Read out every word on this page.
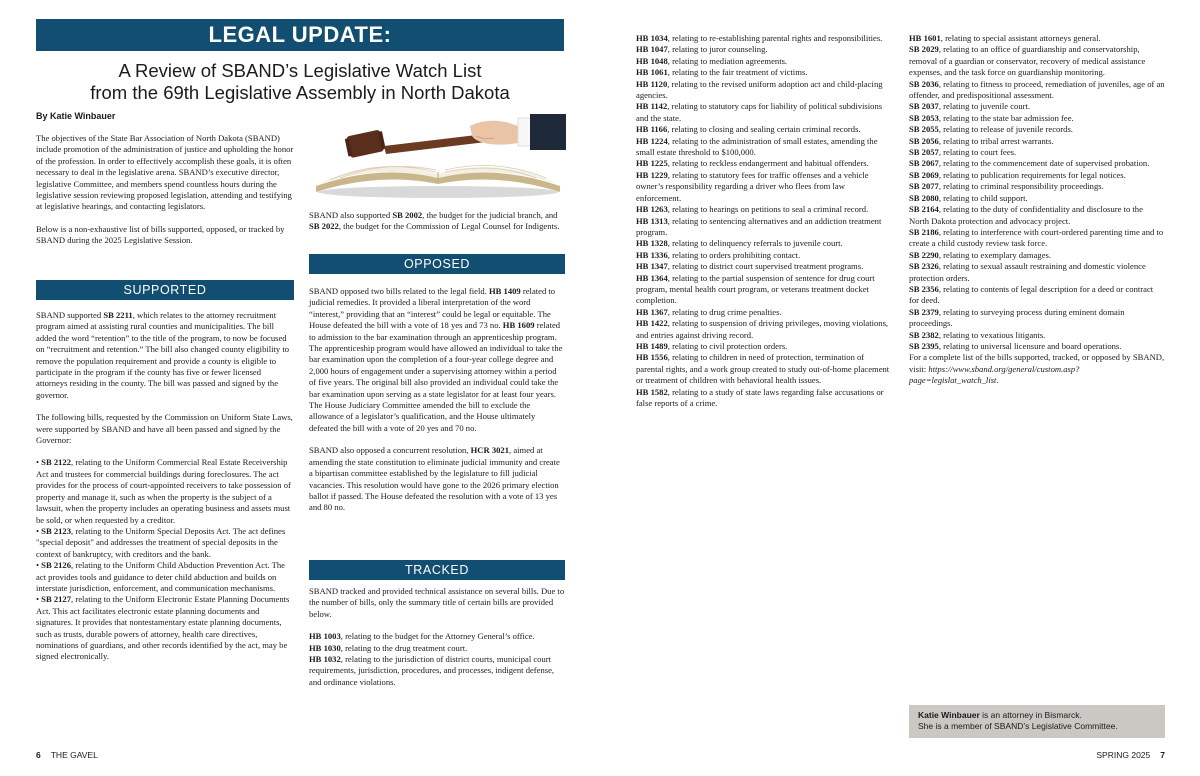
LEGAL UPDATE:
A Review of SBAND’s Legislative Watch List
from the 69th Legislative Assembly in North Dakota
By Katie Winbauer

The objectives of the State Bar Association of North Dakota (SBAND) include promotion of the administration of justice and upholding the honor of the profession. In order to effectively accomplish these goals, it is often necessary to deal in the legislative arena. SBAND’s executive director, legislative Committee, and members spend countless hours during the legislative session reviewing proposed legislation, attending and testifying at legislative hearings, and contacting legislators.

Below is a non-exhaustive list of bills supported, opposed, or tracked by SBAND during the 2025 Legislative Session.

SUPPORTED

SBAND supported SB 2211, which relates to the attorney recruitment program aimed at assisting rural counties and municipalities. The bill added the word “retention” to the title of the program, to now be focused on “recruitment and retention.” The bill also changed county eligibility to remove the population requirement and provide a county is eligible to participate in the program if the county has five or fewer licensed attorneys residing in the county. The bill was passed and signed by the governor.

The following bills, requested by the Commission on Uniform State Laws, were supported by SBAND and have all been passed and signed by the Governor:

• SB 2122, relating to the Uniform Commercial Real Estate Receivership Act and trustees for commercial buildings during foreclosures. The act provides for the process of court-appointed receivers to take possession of property and manage it, such as when the property is the subject of a lawsuit, when the property includes an operating business and assets must be sold, or when requested by a creditor.

• SB 2123, relating to the Uniform Special Deposits Act. The act defines "special deposit" and addresses the treatment of special deposits in the context of bankruptcy, with creditors and the bank.

• SB 2126, relating to the Uniform Child Abduction Prevention Act. The act provides tools and guidance to deter child abduction and builds on interstate jurisdiction, enforcement, and communication mechanisms.

• SB 2127, relating to the Uniform Electronic Estate Planning Documents Act. This act facilitates electronic estate planning documents and signatures. It provides that nontestamentary estate planning documents, such as trusts, durable powers of attorney, health care directives, nominations of guardians, and other records identified by the act, may be signed electronically.

SBAND also supported SB 2002, the budget for the judicial branch, and SB 2022, the budget for the Commission of Legal Counsel for Indigents.

OPPOSED

SBAND opposed two bills related to the legal field. HB 1409 related to judicial remedies. It provided a liberal interpretation of the word “interest,” providing that an “interest” could be legal or equitable. The House defeated the bill with a vote of 18 yes and 73 no. HB 1609 related to admission to the bar examination through an apprenticeship program. The apprenticeship program would have allowed an individual to take the bar examination upon the completion of a four-year college degree and 2,000 hours of engagement under a supervising attorney within a period of five years. The original bill also provided an individual could take the bar examination upon serving as a state legislator for at least four years. The House Judiciary Committee amended the bill to exclude the allowance of a legislator’s qualification, and the House ultimately defeated the bill with a vote of 20 yes and 70 no.

SBAND also opposed a concurrent resolution, HCR 3021, aimed at amending the state constitution to eliminate judicial immunity and create a bipartisan committee established by the legislature to fill judicial vacancies. This resolution would have gone to the 2026 primary election ballot if passed. The House defeated the resolution with a vote of 13 yes and 80 no.

TRACKED

SBAND tracked and provided technical assistance on several bills. Due to the number of bills, only the summary title of certain bills are provided below.

HB 1003, relating to the budget for the Attorney General’s office.

HB 1030, relating to the drug treatment court.

HB 1032, relating to the jurisdiction of district courts, municipal court requirements, jurisdiction, procedures, and processes, indigent defense, and ordinance violations.

HB 1034, relating to re-establishing parental rights and responsibilities.

HB 1047, relating to juror counseling.

HB 1048, relating to mediation agreements.

HB 1061, relating to the fair treatment of victims.

HB 1120, relating to the revised uniform adoption act and child-placing agencies.

HB 1142, relating to statutory caps for liability of political subdivisions and the state.

HB 1166, relating to closing and sealing certain criminal records.

HB 1224, relating to the administration of small estates, amending the small estate threshold to $100,000.

HB 1225, relating to reckless endangerment and habitual offenders.

HB 1229, relating to statutory fees for traffic offenses and a vehicle owner’s responsibility regarding a driver who flees from law enforcement.

HB 1263, relating to hearings on petitions to seal a criminal record.

HB 1313, relating to sentencing alternatives and an addiction treatment program.

HB 1328, relating to delinquency referrals to juvenile court.

HB 1336, relating to orders prohibiting contact.

HB 1347, relating to district court supervised treatment programs.

HB 1364, relating to the partial suspension of sentence for drug court program, mental health court program, or veterans treatment docket completion.

HB 1367, relating to drug crime penalties.

HB 1422, relating to suspension of driving privileges, moving violations, and entries against driving record.

HB 1489, relating to civil protection orders.

HB 1556, relating to children in need of protection, termination of parental rights, and a work group created to study out-of-home placement or treatment of children with behavioral health issues.

HB 1582, relating to a study of state laws regarding false accusations or false reports of a crime.

HB 1601, relating to special assistant attorneys general.

SB 2029, relating to an office of guardianship and conservatorship, removal of a guardian or conservator, recovery of medical assistance expenses, and the task force on guardianship monitoring.

SB 2036, relating to fitness to proceed, remediation of juveniles, age of an offender, and predispositional assessment.

SB 2037, relating to juvenile court.

SB 2053, relating to the state bar admission fee.

SB 2055, relating to release of juvenile records.

SB 2056, relating to tribal arrest warrants.

SB 2057, relating to court fees.

SB 2067, relating to the commencement date of supervised probation.

SB 2069, relating to publication requirements for legal notices.

SB 2077, relating to criminal responsibility proceedings.

SB 2080, relating to child support.

SB 2164, relating to the duty of confidentiality and disclosure to the North Dakota protection and advocacy project.

SB 2186, relating to interference with court-ordered parenting time and to create a child custody review task force.

SB 2290, relating to exemplary damages.

SB 2326, relating to sexual assault restraining and domestic violence protection orders.

SB 2356, relating to contents of legal description for a deed or contract for deed.

SB 2379, relating to surveying process during eminent domain proceedings.

SB 2382, relating to vexatious litigants.

SB 2395, relating to universal licensure and board operations.

For a complete list of the bills supported, tracked, or opposed by SBAND, visit: https://www.sband.org/general/custom.asp?page=legislat_watch_list.

Katie Winbauer is an attorney in Bismarck.
She is a member of SBAND’s Legislative Committee.
6 THE GAVEL	SPRING 2025 7
